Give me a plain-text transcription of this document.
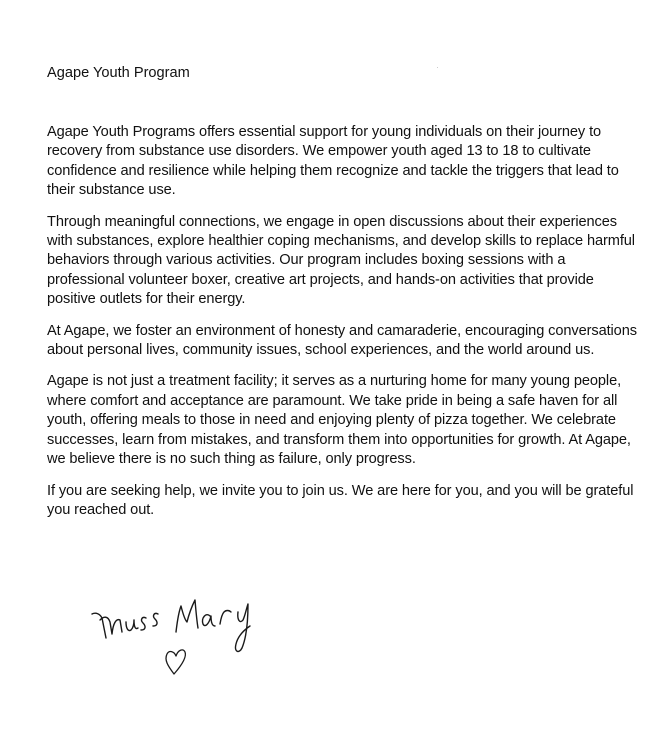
Agape Youth Program

Agape Youth Programs offers essential support for young individuals on their journey to recovery from substance use disorders. We empower youth aged 13 to 18 to cultivate confidence and resilience while helping them recognize and tackle the triggers that lead to their substance use.

Through meaningful connections, we engage in open discussions about their experiences with substances, explore healthier coping mechanisms, and develop skills to replace harmful behaviors through various activities. Our program includes boxing sessions with a professional volunteer boxer, creative art projects, and hands-on activities that provide positive outlets for their energy.

At Agape, we foster an environment of honesty and camaraderie, encouraging conversations about personal lives, community issues, school experiences, and the world around us.

Agape is not just a treatment facility; it serves as a nurturing home for many young people, where comfort and acceptance are paramount. We take pride in being a safe haven for all youth, offering meals to those in need and enjoying plenty of pizza together. We celebrate successes, learn from mistakes, and transform them into opportunities for growth. At Agape, we believe there is no such thing as failure, only progress.

If you are seeking help, we invite you to join us. We are here for you, and you will be grateful you reached out.
